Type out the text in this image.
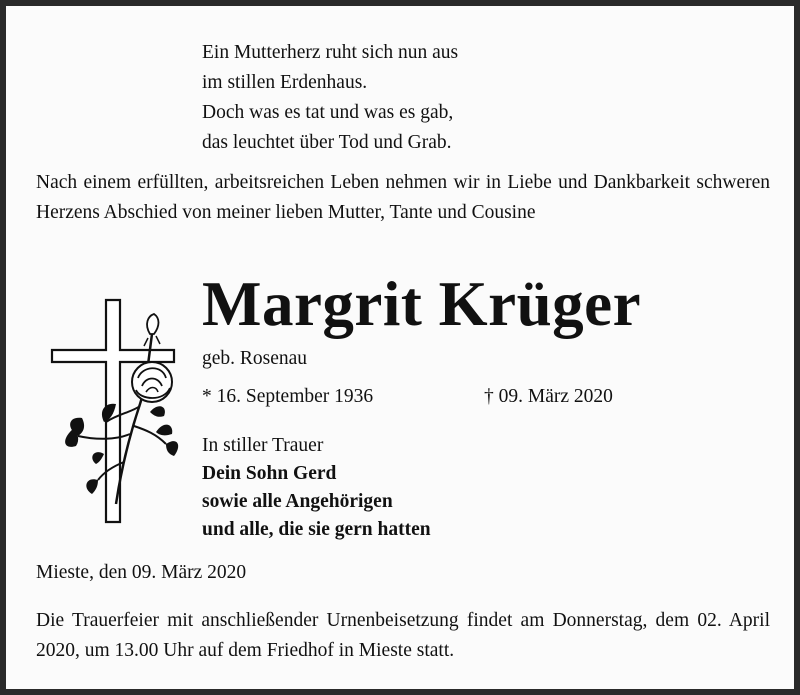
Ein Mutterherz ruht sich nun aus
im stillen Erdenhaus.
Doch was es tat und was es gab,
das leuchtet über Tod und Grab.
Nach einem erfüllten, arbeitsreichen Leben nehmen wir in Liebe und Dankbarkeit schweren Herzens Abschied von meiner lieben Mutter, Tante und Cousine
Margrit Krüger
geb. Rosenau
* 16. September 1936	† 09. März 2020
In stiller Trauer
Dein Sohn Gerd
sowie alle Angehörigen
und alle, die sie gern hatten
Mieste, den 09. März 2020
Die Trauerfeier mit anschließender Urnenbeisetzung findet am Donnerstag, dem 02. April 2020, um 13.00 Uhr auf dem Friedhof in Mieste statt.
